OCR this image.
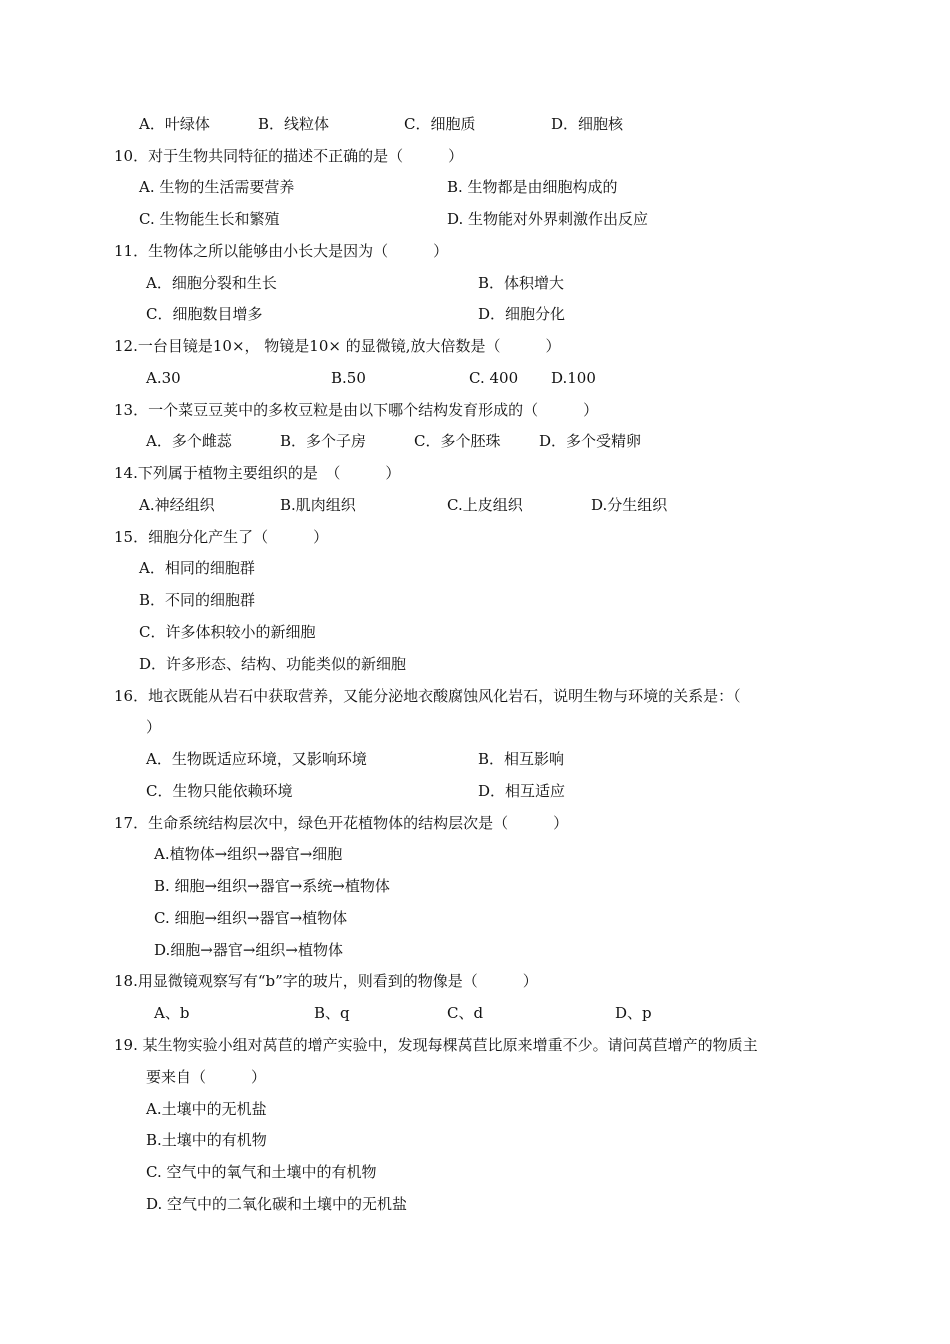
A．叶绿体	B．线粒体	C．细胞质	D．细胞核
10．对于生物共同特征的描述不正确的是（　　　）
A. 生物的生活需要营养	B. 生物都是由细胞构成的
C. 生物能生长和繁殖	D. 生物能对外界刺激作出反应
11．生物体之所以能够由小长大是因为（　　　）
A．细胞分裂和生长	B．体积增大
C．细胞数目增多	D．细胞分化
12.一台目镜是10×， 物镜是10× 的显微镜,放大倍数是（　　　）
A.30	B.50	C. 400 D.100
13．一个菜豆豆荚中的多枚豆粒是由以下哪个结构发育形成的（　　　）
A．多个雌蕊	B．多个子房	C．多个胚珠	D．多个受精卵
14.下列属于植物主要组织的是　（　　　）
A.神经组织	B.肌肉组织	C.上皮组织	D.分生组织
15．细胞分化产生了（　　　）
A．相同的细胞群
B．不同的细胞群
C．许多体积较小的新细胞
D．许多形态、结构、功能类似的新细胞
16．地衣既能从岩石中获取营养，又能分泌地衣酸腐蚀风化岩石，说明生物与环境的关系是：（
）
A．生物既适应环境，又影响环境	B．相互影响
C．生物只能依赖环境	D．相互适应
17．生命系统结构层次中，绿色开花植物体的结构层次是（　　　）
A.植物体→组织→器官→细胞
B. 细胞→组织→器官→系统→植物体
C. 细胞→组织→器官→植物体
D.细胞→器官→组织→植物体
18.用显微镜观察写有“b”字的玻片，则看到的物像是（　　　）
A、b	B、q	C、d	D、p
19. 某生物实验小组对莴苣的增产实验中，发现每棵莴苣比原来增重不少。请问莴苣增产的物质主
要来自（　　　）
A.土壤中的无机盐
B.土壤中的有机物
C. 空气中的氧气和土壤中的有机物
D. 空气中的二氧化碳和土壤中的无机盐
